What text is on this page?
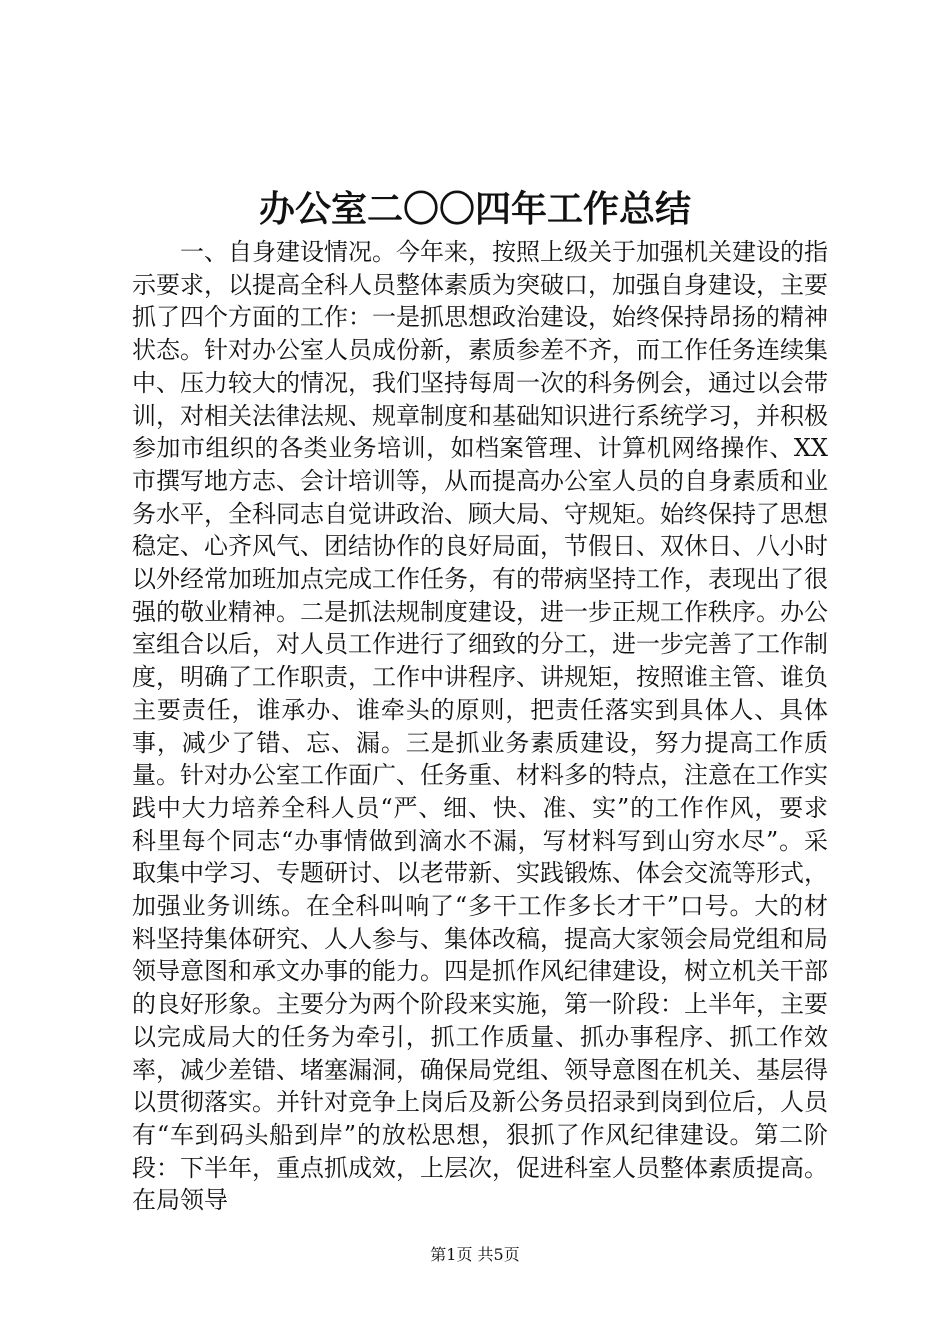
办公室二〇〇四年工作总结

一、自身建设情况。今年来，按照上级关于加强机关建设的指示要求，以提高全科人员整体素质为突破口，加强自身建设，主要抓了四个方面的工作：一是抓思想政治建设，始终保持昂扬的精神状态。针对办公室人员成份新，素质参差不齐，而工作任务连续集中、压力较大的情况，我们坚持每周一次的科务例会，通过以会带训，对相关法律法规、规章制度和基础知识进行系统学习，并积极参加市组织的各类业务培训，如档案管理、计算机网络操作、XX市撰写地方志、会计培训等，从而提高办公室人员的自身素质和业务水平，全科同志自觉讲政治、顾大局、守规矩。始终保持了思想稳定、心齐风气、团结协作的良好局面，节假日、双休日、八小时以外经常加班加点完成工作任务，有的带病坚持工作，表现出了很强的敬业精神。二是抓法规制度建设，进一步正规工作秩序。办公室组合以后，对人员工作进行了细致的分工，进一步完善了工作制度，明确了工作职责，工作中讲程序、讲规矩，按照谁主管、谁负主要责任，谁承办、谁牵头的原则，把责任落实到具体人、具体事，减少了错、忘、漏。三是抓业务素质建设，努力提高工作质量。针对办公室工作面广、任务重、材料多的特点，注意在工作实践中大力培养全科人员“严、细、快、准、实”的工作作风，要求科里每个同志“办事情做到滴水不漏，写材料写到山穷水尽”。采取集中学习、专题研讨、以老带新、实践锻炼、体会交流等形式，加强业务训练。在全科叫响了“多干工作多长才干”口号。大的材料坚持集体研究、人人参与、集体改稿，提高大家领会局党组和局领导意图和承文办事的能力。四是抓作风纪律建设，树立机关干部的良好形象。主要分为两个阶段来实施，第一阶段：上半年，主要以完成局大的任务为牵引，抓工作质量、抓办事程序、抓工作效率，减少差错、堵塞漏洞，确保局党组、领导意图在机关、基层得以贯彻落实。并针对竞争上岗后及新公务员招录到岗到位后，人员有“车到码头船到岸”的放松思想，狠抓了作风纪律建设。第二阶段：下半年，重点抓成效，上层次，促进科室人员整体素质提高。在局领导

第1页 共5页
